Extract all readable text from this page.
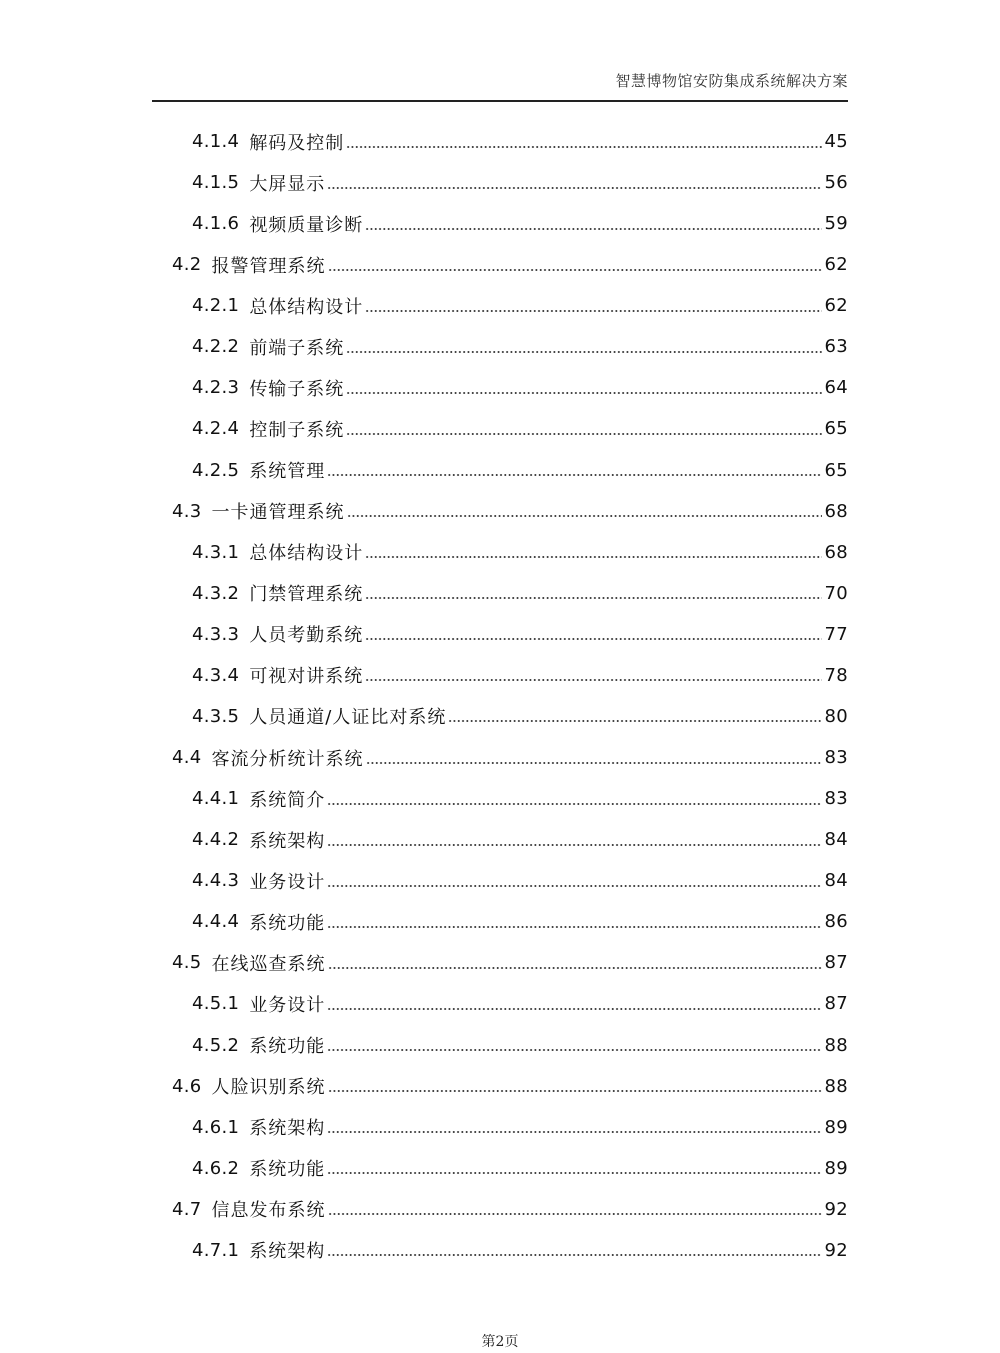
智慧博物馆安防集成系统解决方案
4.1.4 解码及控制	45
4.1.5 大屏显示	56
4.1.6 视频质量诊断	59
4.2 报警管理系统	62
4.2.1 总体结构设计	62
4.2.2 前端子系统	63
4.2.3 传输子系统	64
4.2.4 控制子系统	65
4.2.5 系统管理	65
4.3 一卡通管理系统	68
4.3.1 总体结构设计	68
4.3.2 门禁管理系统	70
4.3.3 人员考勤系统	77
4.3.4 可视对讲系统	78
4.3.5 人员通道/人证比对系统	80
4.4 客流分析统计系统	83
4.4.1 系统简介	83
4.4.2 系统架构	84
4.4.3 业务设计	84
4.4.4 系统功能	86
4.5 在线巡查系统	87
4.5.1 业务设计	87
4.5.2 系统功能	88
4.6 人脸识别系统	88
4.6.1 系统架构	89
4.6.2 系统功能	89
4.7 信息发布系统	92
4.7.1 系统架构	92
第2页
